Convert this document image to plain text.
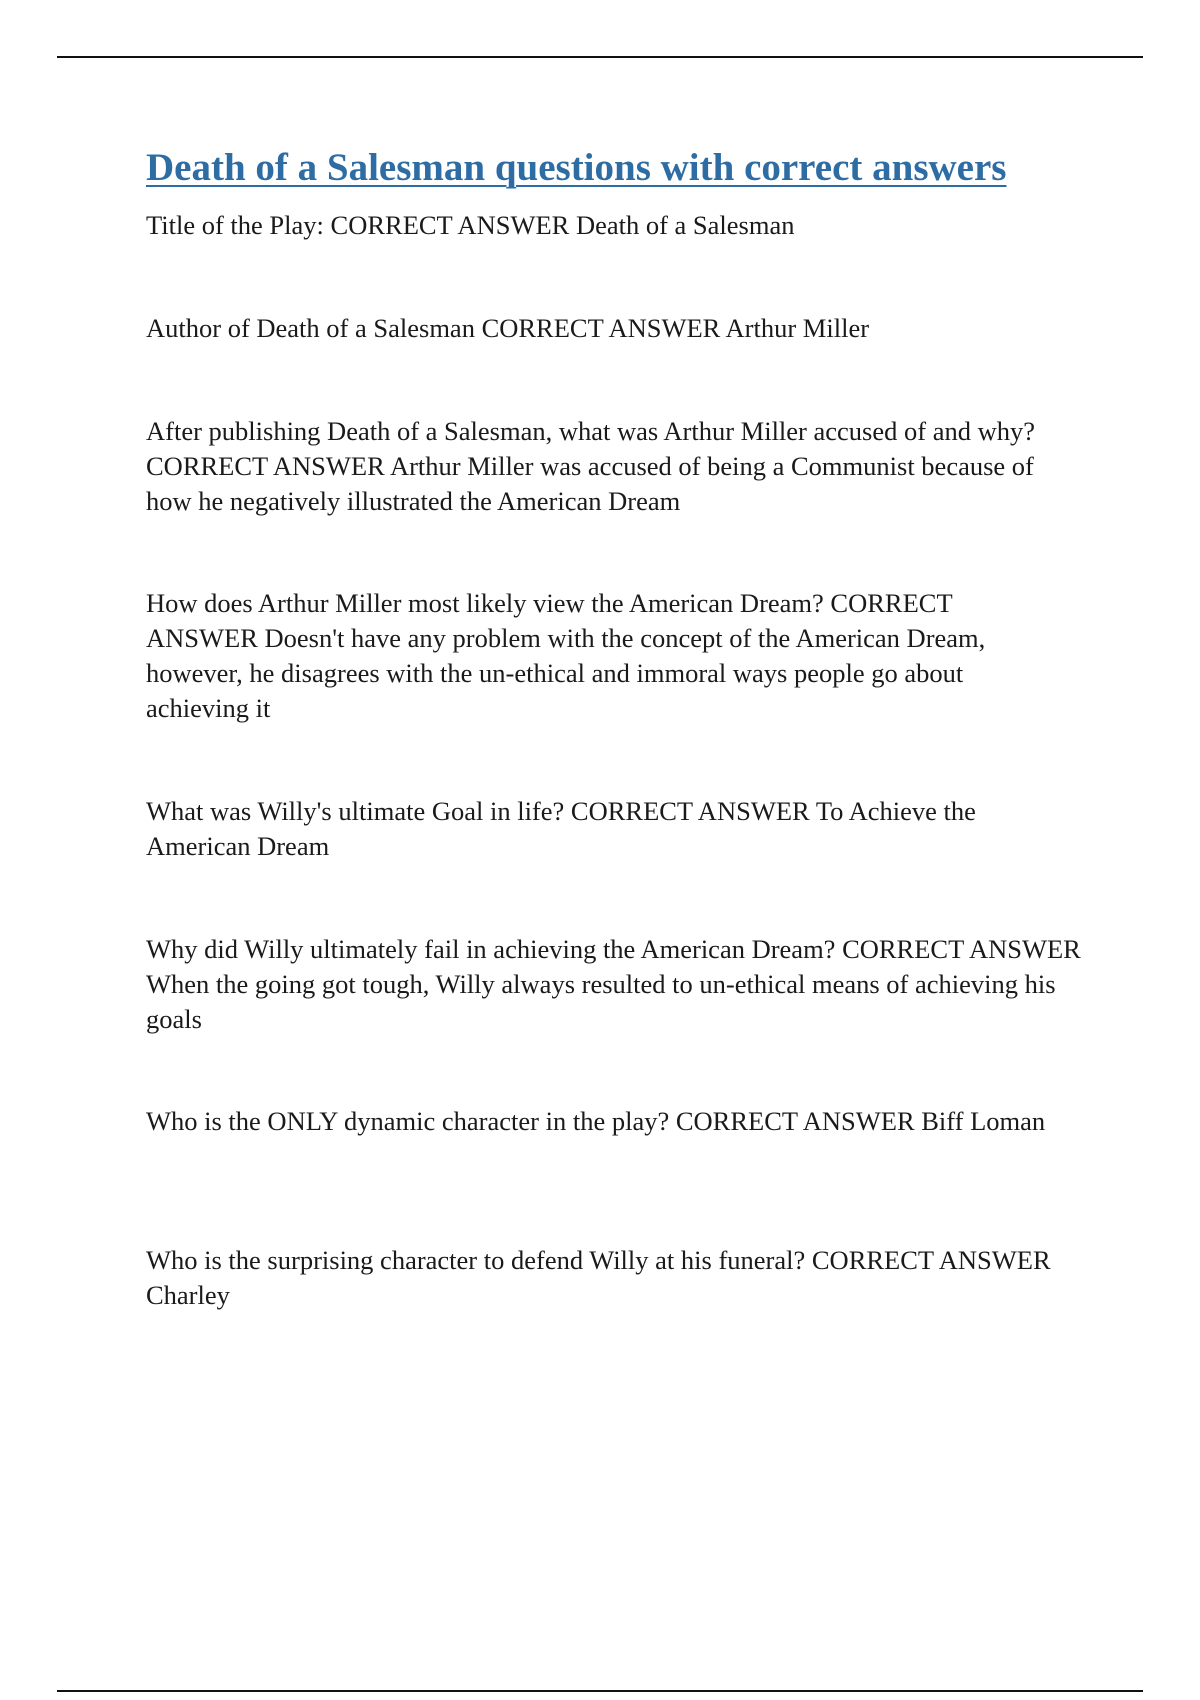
Death of a Salesman questions with correct answers

Title of the Play: CORRECT ANSWER Death of a Salesman

Author of Death of a Salesman CORRECT ANSWER Arthur Miller

After publishing Death of a Salesman, what was Arthur Miller accused of and why? CORRECT ANSWER Arthur Miller was accused of being a Communist because of how he negatively illustrated the American Dream

How does Arthur Miller most likely view the American Dream? CORRECT ANSWER Doesn't have any problem with the concept of the American Dream, however, he disagrees with the un-ethical and immoral ways people go about achieving it

What was Willy's ultimate Goal in life? CORRECT ANSWER To Achieve the American Dream

Why did Willy ultimately fail in achieving the American Dream? CORRECT ANSWER When the going got tough, Willy always resulted to un-ethical means of achieving his goals

Who is the ONLY dynamic character in the play? CORRECT ANSWER Biff Loman

Who is the surprising character to defend Willy at his funeral? CORRECT ANSWER Charley
